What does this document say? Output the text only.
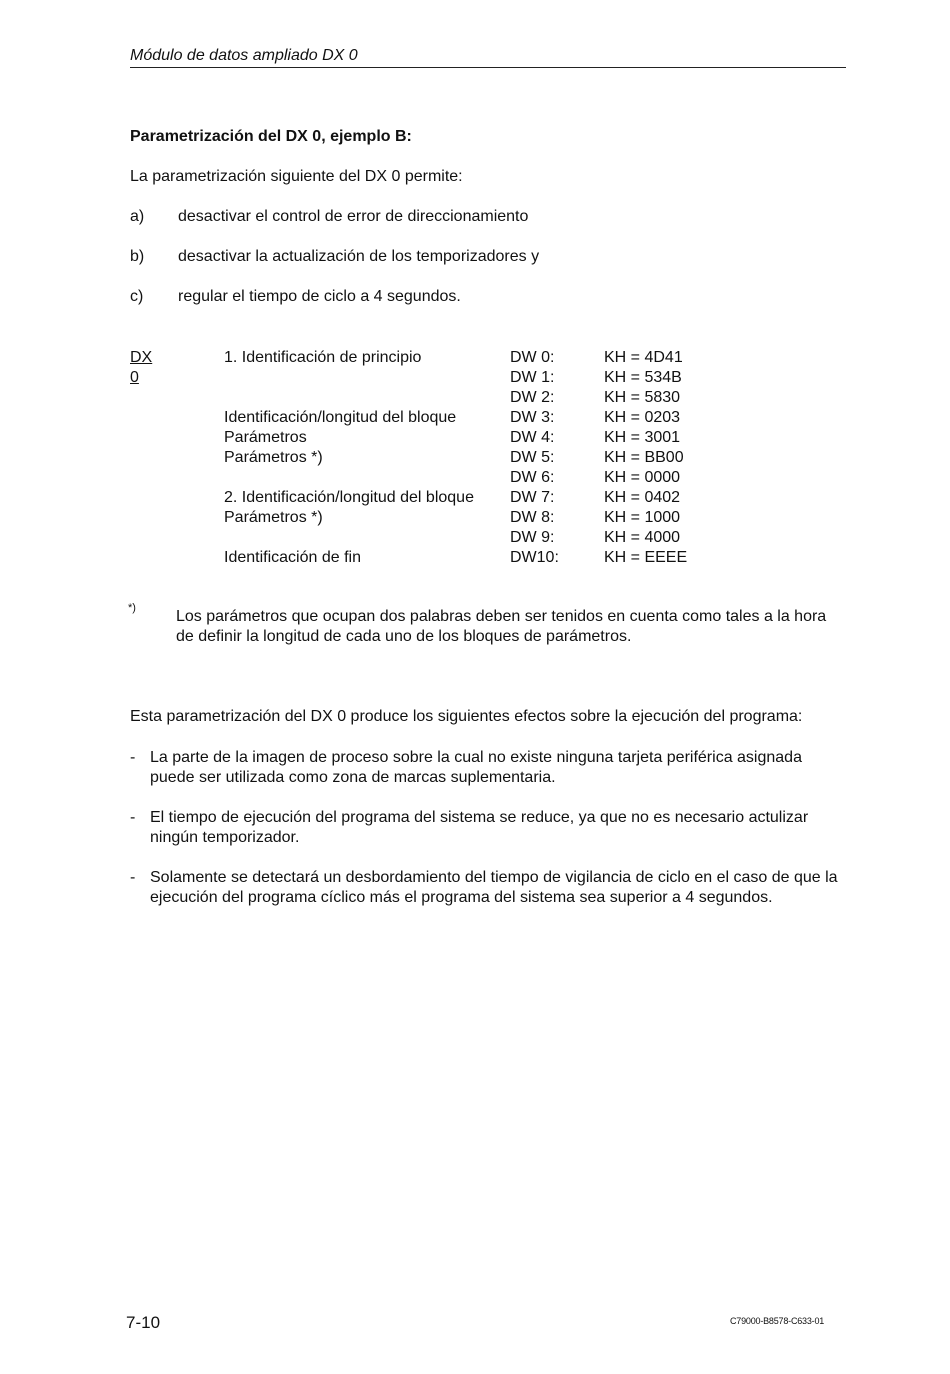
Módulo de datos ampliado DX 0
Parametrización del DX 0, ejemplo B:
La parametrización siguiente del DX 0 permite:
a)	desactivar el control de error de direccionamiento
b)	desactivar la actualización de los temporizadores y
c)	regular el tiempo de ciclo a 4 segundos.
DX 0
1. Identificación de principio	DW 0:	KH = 4D41
DW 1:	KH = 534B
DW 2:	KH = 5830
Identificación/longitud del bloque	DW 3:	KH = 0203
Parámetros	DW 4:	KH = 3001
Parámetros *)	DW 5:	KH = BB00
DW 6:	KH = 0000
2. Identificación/longitud del bloque DW 7:	KH = 0402
Parámetros *)	DW 8:	KH = 1000
DW 9:	KH = 4000
Identificación de fin	DW10:	KH = EEEE
*)	Los parámetros que ocupan dos palabras deben ser tenidos en cuenta como tales a la hora de definir la longitud de cada uno de los bloques de parámetros.
Esta parametrización del DX 0 produce los siguientes efectos sobre la ejecución del programa:
- La parte de la imagen de proceso sobre la cual no existe ninguna tarjeta periférica asignada puede ser utilizada como zona de marcas suplementaria.
- El tiempo de ejecución del programa del sistema se reduce, ya que no es necesario actulizar ningún temporizador.
- Solamente se detectará un desbordamiento del tiempo de vigilancia de ciclo en el caso de que la ejecución del programa cíclico más el programa del sistema sea superior a 4 segundos.
7-10	C79000-B8578-C633-01
